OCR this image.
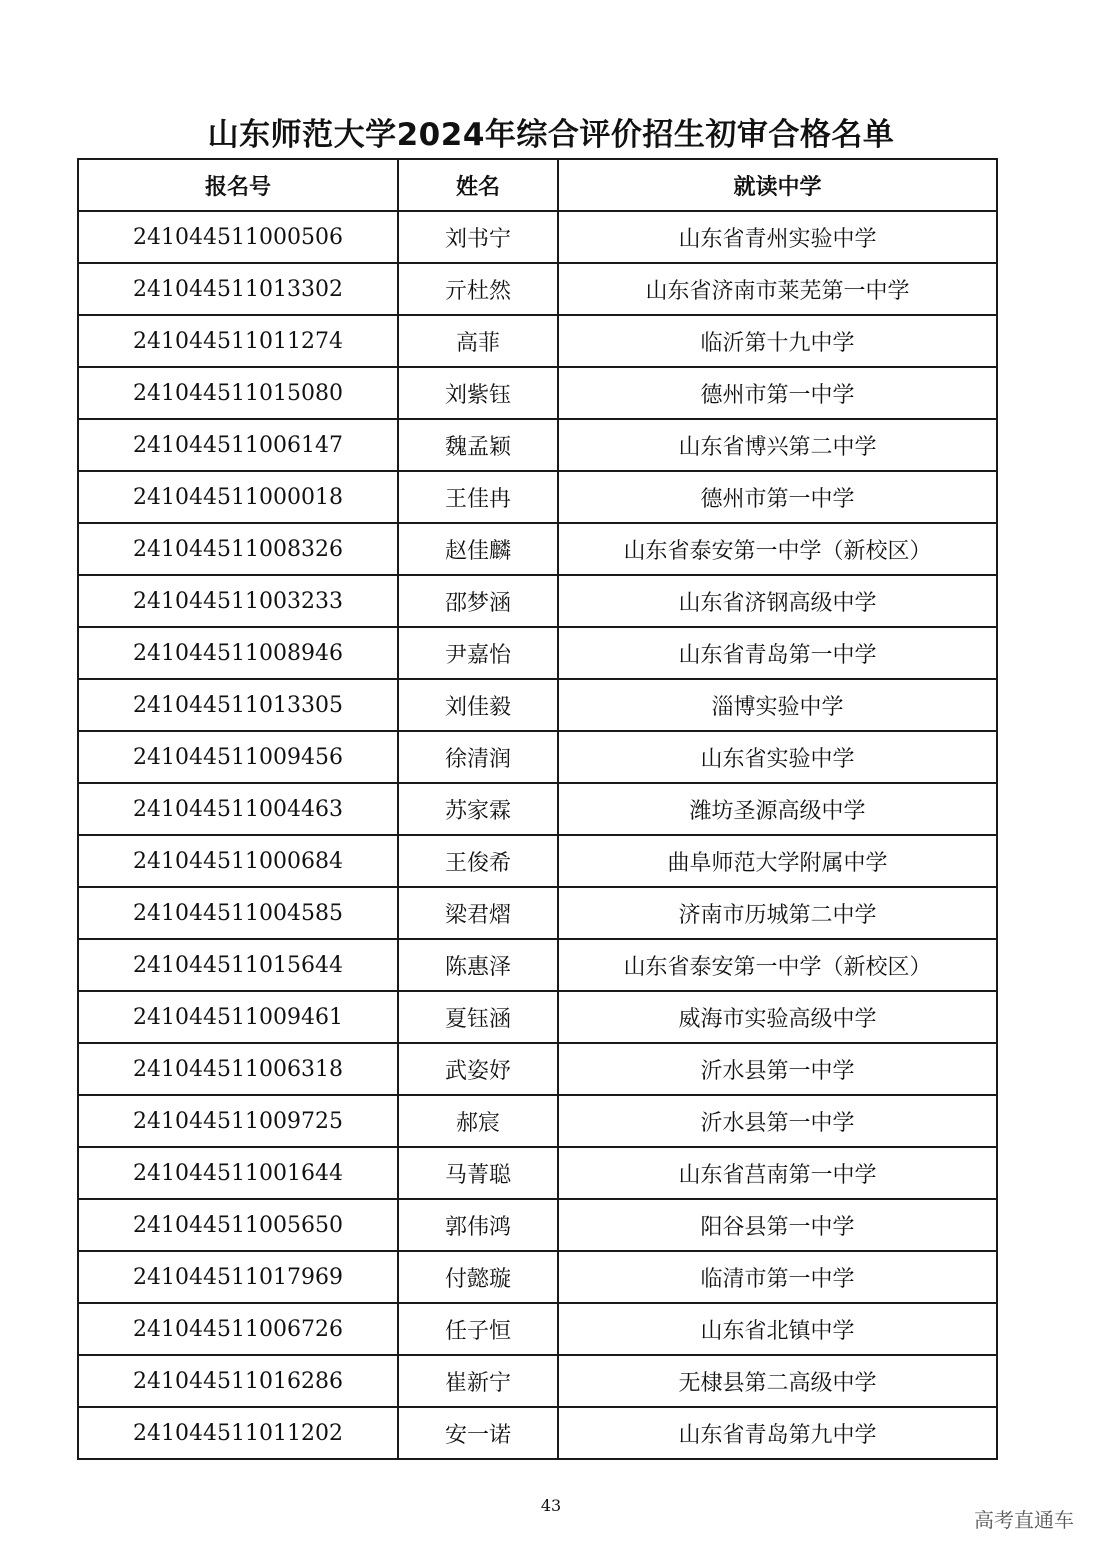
山东师范大学2024年综合评价招生初审合格名单
报名号	姓名	就读中学
241044511000506	刘书宁	山东省青州实验中学
241044511013302	亓杜然	山东省济南市莱芜第一中学
241044511011274	高菲	临沂第十九中学
241044511015080	刘紫钰	德州市第一中学
241044511006147	魏孟颖	山东省博兴第二中学
241044511000018	王佳冉	德州市第一中学
241044511008326	赵佳麟	山东省泰安第一中学（新校区）
241044511003233	邵梦涵	山东省济钢高级中学
241044511008946	尹嘉怡	山东省青岛第一中学
241044511013305	刘佳毅	淄博实验中学
241044511009456	徐清润	山东省实验中学
241044511004463	苏家霖	潍坊圣源高级中学
241044511000684	王俊希	曲阜师范大学附属中学
241044511004585	梁君熠	济南市历城第二中学
241044511015644	陈惠泽	山东省泰安第一中学（新校区）
241044511009461	夏钰涵	威海市实验高级中学
241044511006318	武姿妤	沂水县第一中学
241044511009725	郝宸	沂水县第一中学
241044511001644	马菁聪	山东省莒南第一中学
241044511005650	郭伟鸿	阳谷县第一中学
241044511017969	付懿璇	临清市第一中学
241044511006726	任子恒	山东省北镇中学
241044511016286	崔新宁	无棣县第二高级中学
241044511011202	安一诺	山东省青岛第九中学
43
高考直通车
